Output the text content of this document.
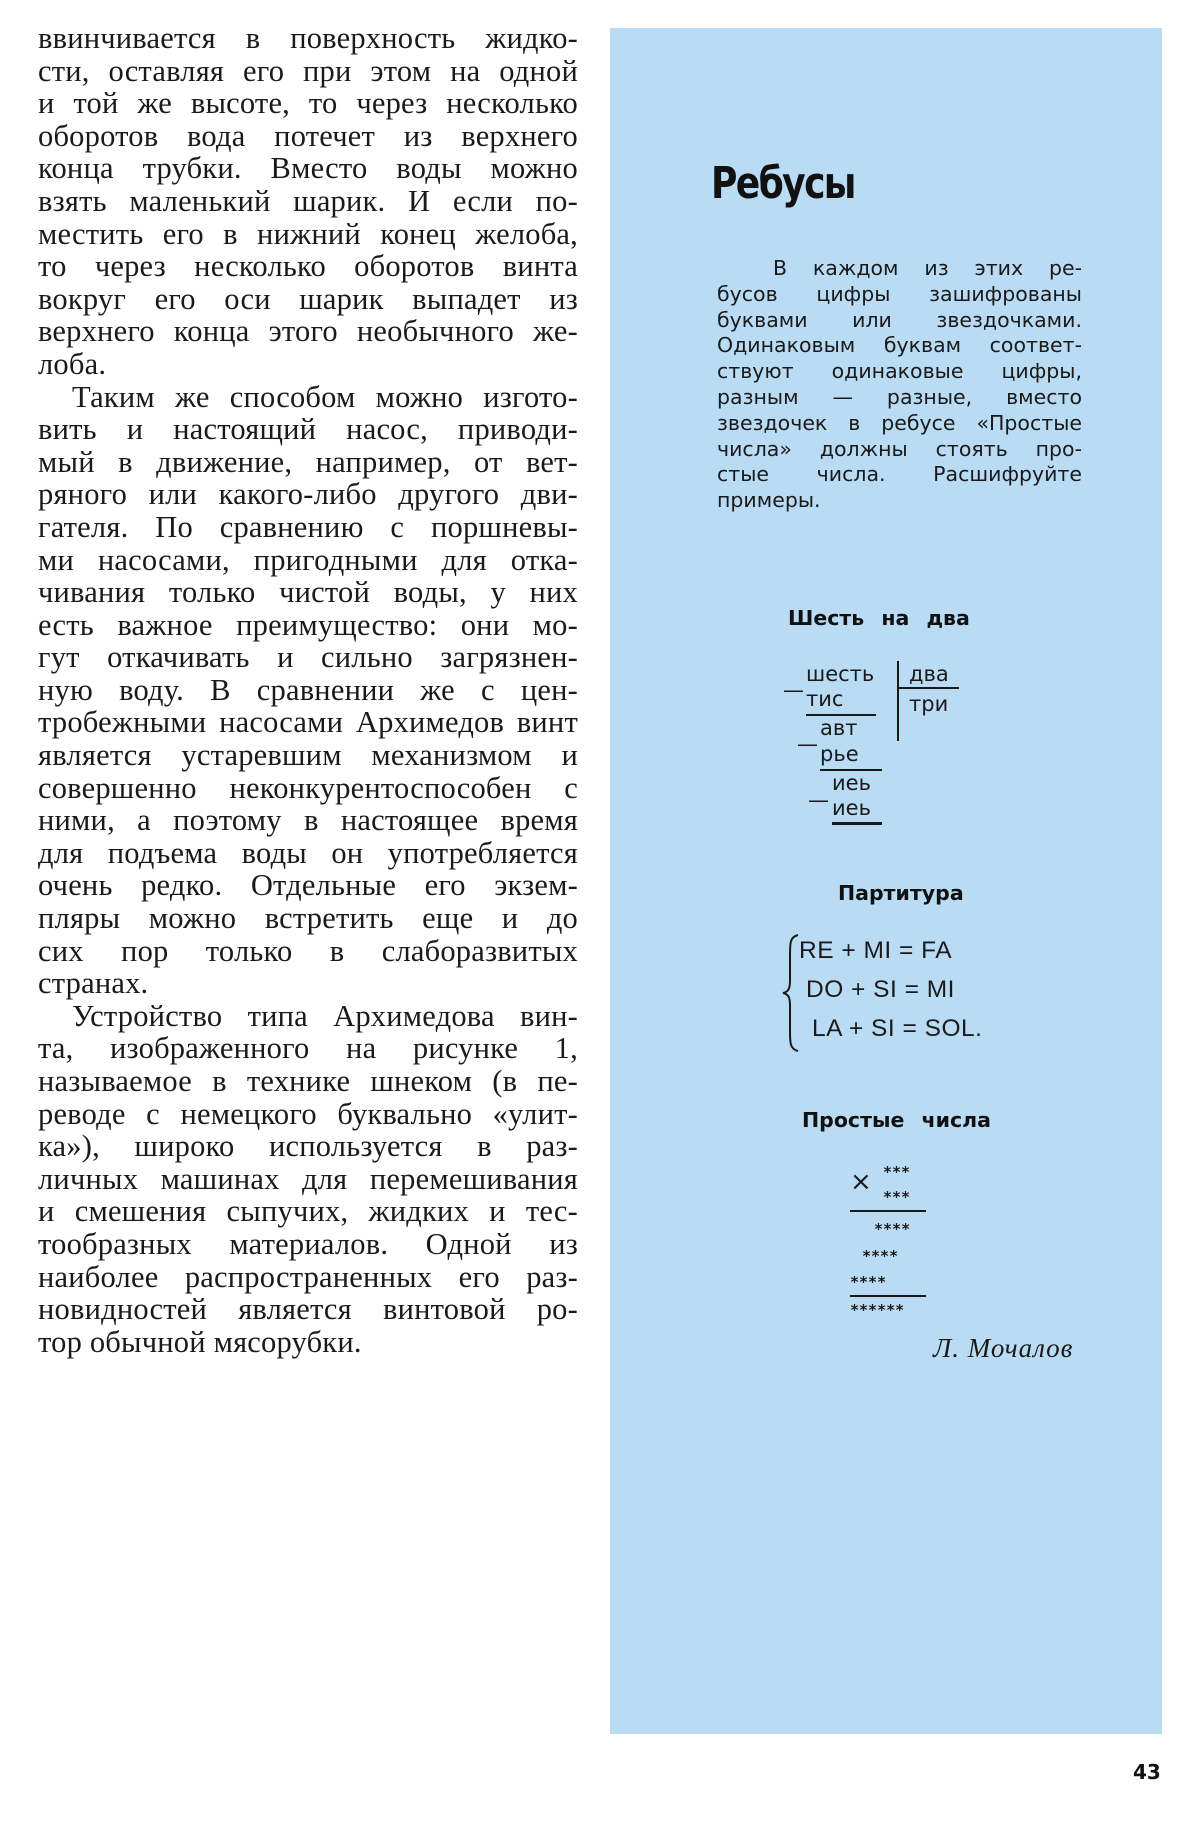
ввинчивается в поверхность жидко-
сти, оставляя его при этом на одной
и той же высоте, то через несколько
оборотов вода потечет из верхнего
конца трубки. Вместо воды можно
взять маленький шарик. И если по-
местить его в нижний конец желоба,
то через несколько оборотов винта
вокруг его оси шарик выпадет из
верхнего конца этого необычного же-
лоба.
Таким же способом можно изгото-
вить и настоящий насос, приводи-
мый в движение, например, от вет-
ряного или какого-либо другого дви-
гателя. По сравнению с поршневы-
ми насосами, пригодными для отка-
чивания только чистой воды, у них
есть важное преимущество: они мо-
гут откачивать и сильно загрязнен-
ную воду. В сравнении же с цен-
тробежными насосами Архимедов винт
является устаревшим механизмом и
совершенно неконкурентоспособен с
ними, а поэтому в настоящее время
для подъема воды он употребляется
очень редко. Отдельные его экзем-
пляры можно встретить еще и до
сих пор только в слаборазвитых
странах.
Устройство типа Архимедова вин-
та, изображенного на рисунке 1,
называемое в технике шнеком (в пе-
реводе с немецкого буквально «улит-
ка»), широко используется в раз-
личных машинах для перемешивания
и смешения сыпучих, жидких и тес-
тообразных материалов. Одной из
наиболее распространенных его раз-
новидностей является винтовой ро-
тор обычной мясорубки.
Ребусы
В каждом из этих ре-
бусов цифры зашифрованы
буквами или звездочками.
Одинаковым буквам соответ-
ствуют одинаковые цифры,
разным — разные, вместо
звездочек в ребусе «Простые
числа» должны стоять про-
стые числа. Расшифруйте
примеры.
Шесть на два
—
шесть
тис
два
три
—
авт
рье
—
иеь
иеь
Партитура
RE + MI = FA
DO + SI = MI
LA + SI = SOL.
Простые числа
× ***
***
****
****
****
******

Л. Мочалов

43
